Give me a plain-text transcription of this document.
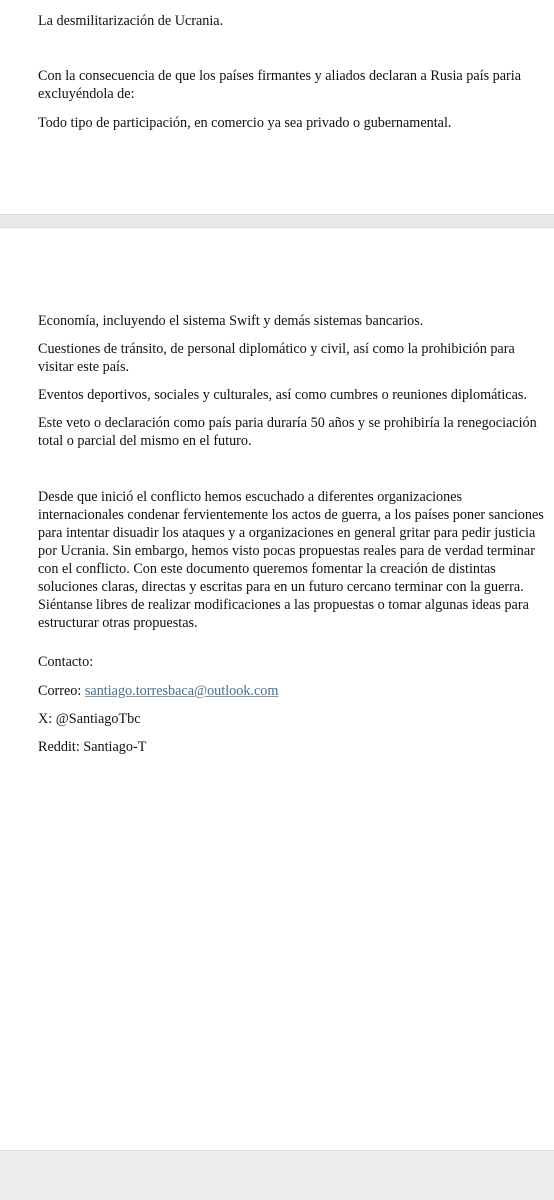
La desmilitarización de Ucrania.

Con la consecuencia de que los países firmantes y aliados declaran a Rusia país paria excluyéndola de:

Todo tipo de participación, en comercio ya sea privado o gubernamental.

Economía, incluyendo el sistema Swift y demás sistemas bancarios.

Cuestiones de tránsito, de personal diplomático y civil, así como la prohibición para visitar este país.

Eventos deportivos, sociales y culturales, así como cumbres o reuniones diplomáticas.

Este veto o declaración como país paria duraría 50 años y se prohibiría la renegociación total o parcial del mismo en el futuro.

Desde que inició el conflicto hemos escuchado a diferentes organizaciones internacionales condenar fervientemente los actos de guerra, a los países poner sanciones para intentar disuadir los ataques y a organizaciones en general gritar para pedir justicia por Ucrania. Sin embargo, hemos visto pocas propuestas reales para de verdad terminar con el conflicto. Con este documento queremos fomentar la creación de distintas soluciones claras, directas y escritas para en un futuro cercano terminar con la guerra. Siéntanse libres de realizar modificaciones a las propuestas o tomar algunas ideas para estructurar otras propuestas.

Contacto:

Correo: santiago.torresbaca@outlook.com

X: @SantiagoTbc

Reddit: Santiago-T
